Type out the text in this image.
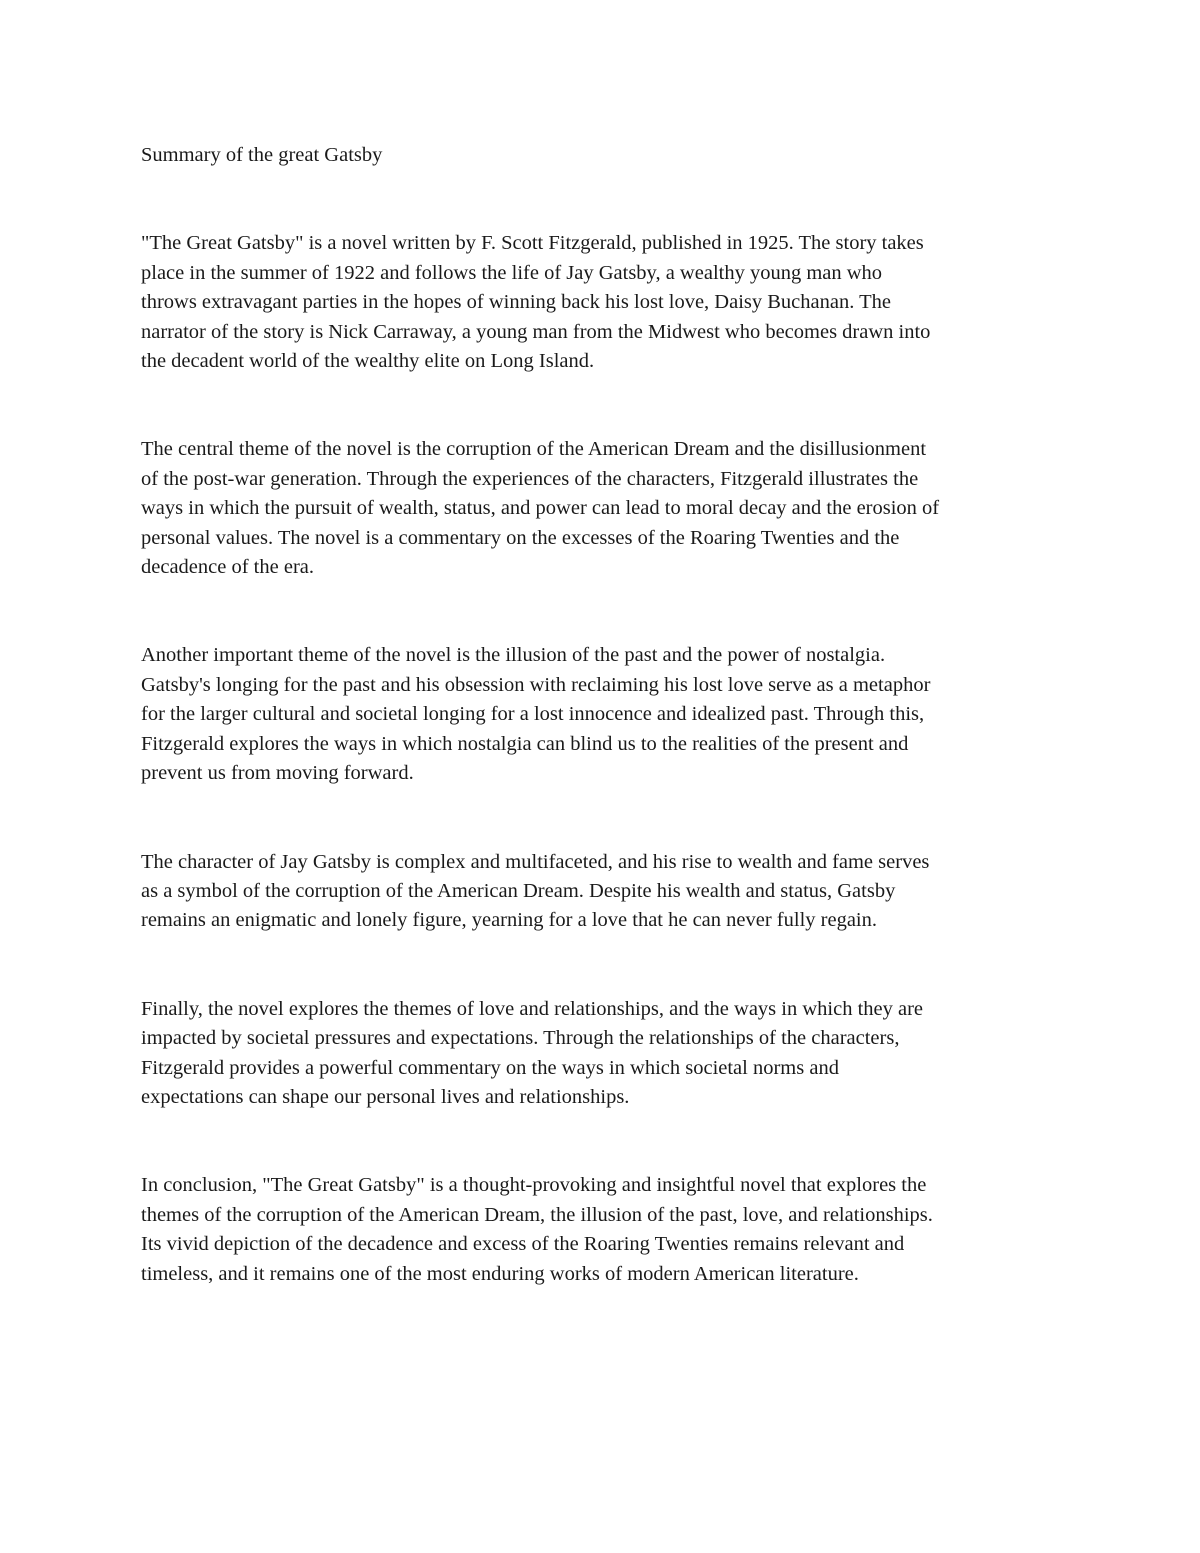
Summary of the great Gatsby
"The Great Gatsby" is a novel written by F. Scott Fitzgerald, published in 1925. The story takes
place in the summer of 1922 and follows the life of Jay Gatsby, a wealthy young man who
throws extravagant parties in the hopes of winning back his lost love, Daisy Buchanan. The
narrator of the story is Nick Carraway, a young man from the Midwest who becomes drawn into
the decadent world of the wealthy elite on Long Island.
The central theme of the novel is the corruption of the American Dream and the disillusionment
of the post-war generation. Through the experiences of the characters, Fitzgerald illustrates the
ways in which the pursuit of wealth, status, and power can lead to moral decay and the erosion of
personal values. The novel is a commentary on the excesses of the Roaring Twenties and the
decadence of the era.
Another important theme of the novel is the illusion of the past and the power of nostalgia.
Gatsby's longing for the past and his obsession with reclaiming his lost love serve as a metaphor
for the larger cultural and societal longing for a lost innocence and idealized past. Through this,
Fitzgerald explores the ways in which nostalgia can blind us to the realities of the present and
prevent us from moving forward.
The character of Jay Gatsby is complex and multifaceted, and his rise to wealth and fame serves
as a symbol of the corruption of the American Dream. Despite his wealth and status, Gatsby
remains an enigmatic and lonely figure, yearning for a love that he can never fully regain.
Finally, the novel explores the themes of love and relationships, and the ways in which they are
impacted by societal pressures and expectations. Through the relationships of the characters,
Fitzgerald provides a powerful commentary on the ways in which societal norms and
expectations can shape our personal lives and relationships.
In conclusion, "The Great Gatsby" is a thought-provoking and insightful novel that explores the
themes of the corruption of the American Dream, the illusion of the past, love, and relationships.
Its vivid depiction of the decadence and excess of the Roaring Twenties remains relevant and
timeless, and it remains one of the most enduring works of modern American literature.
